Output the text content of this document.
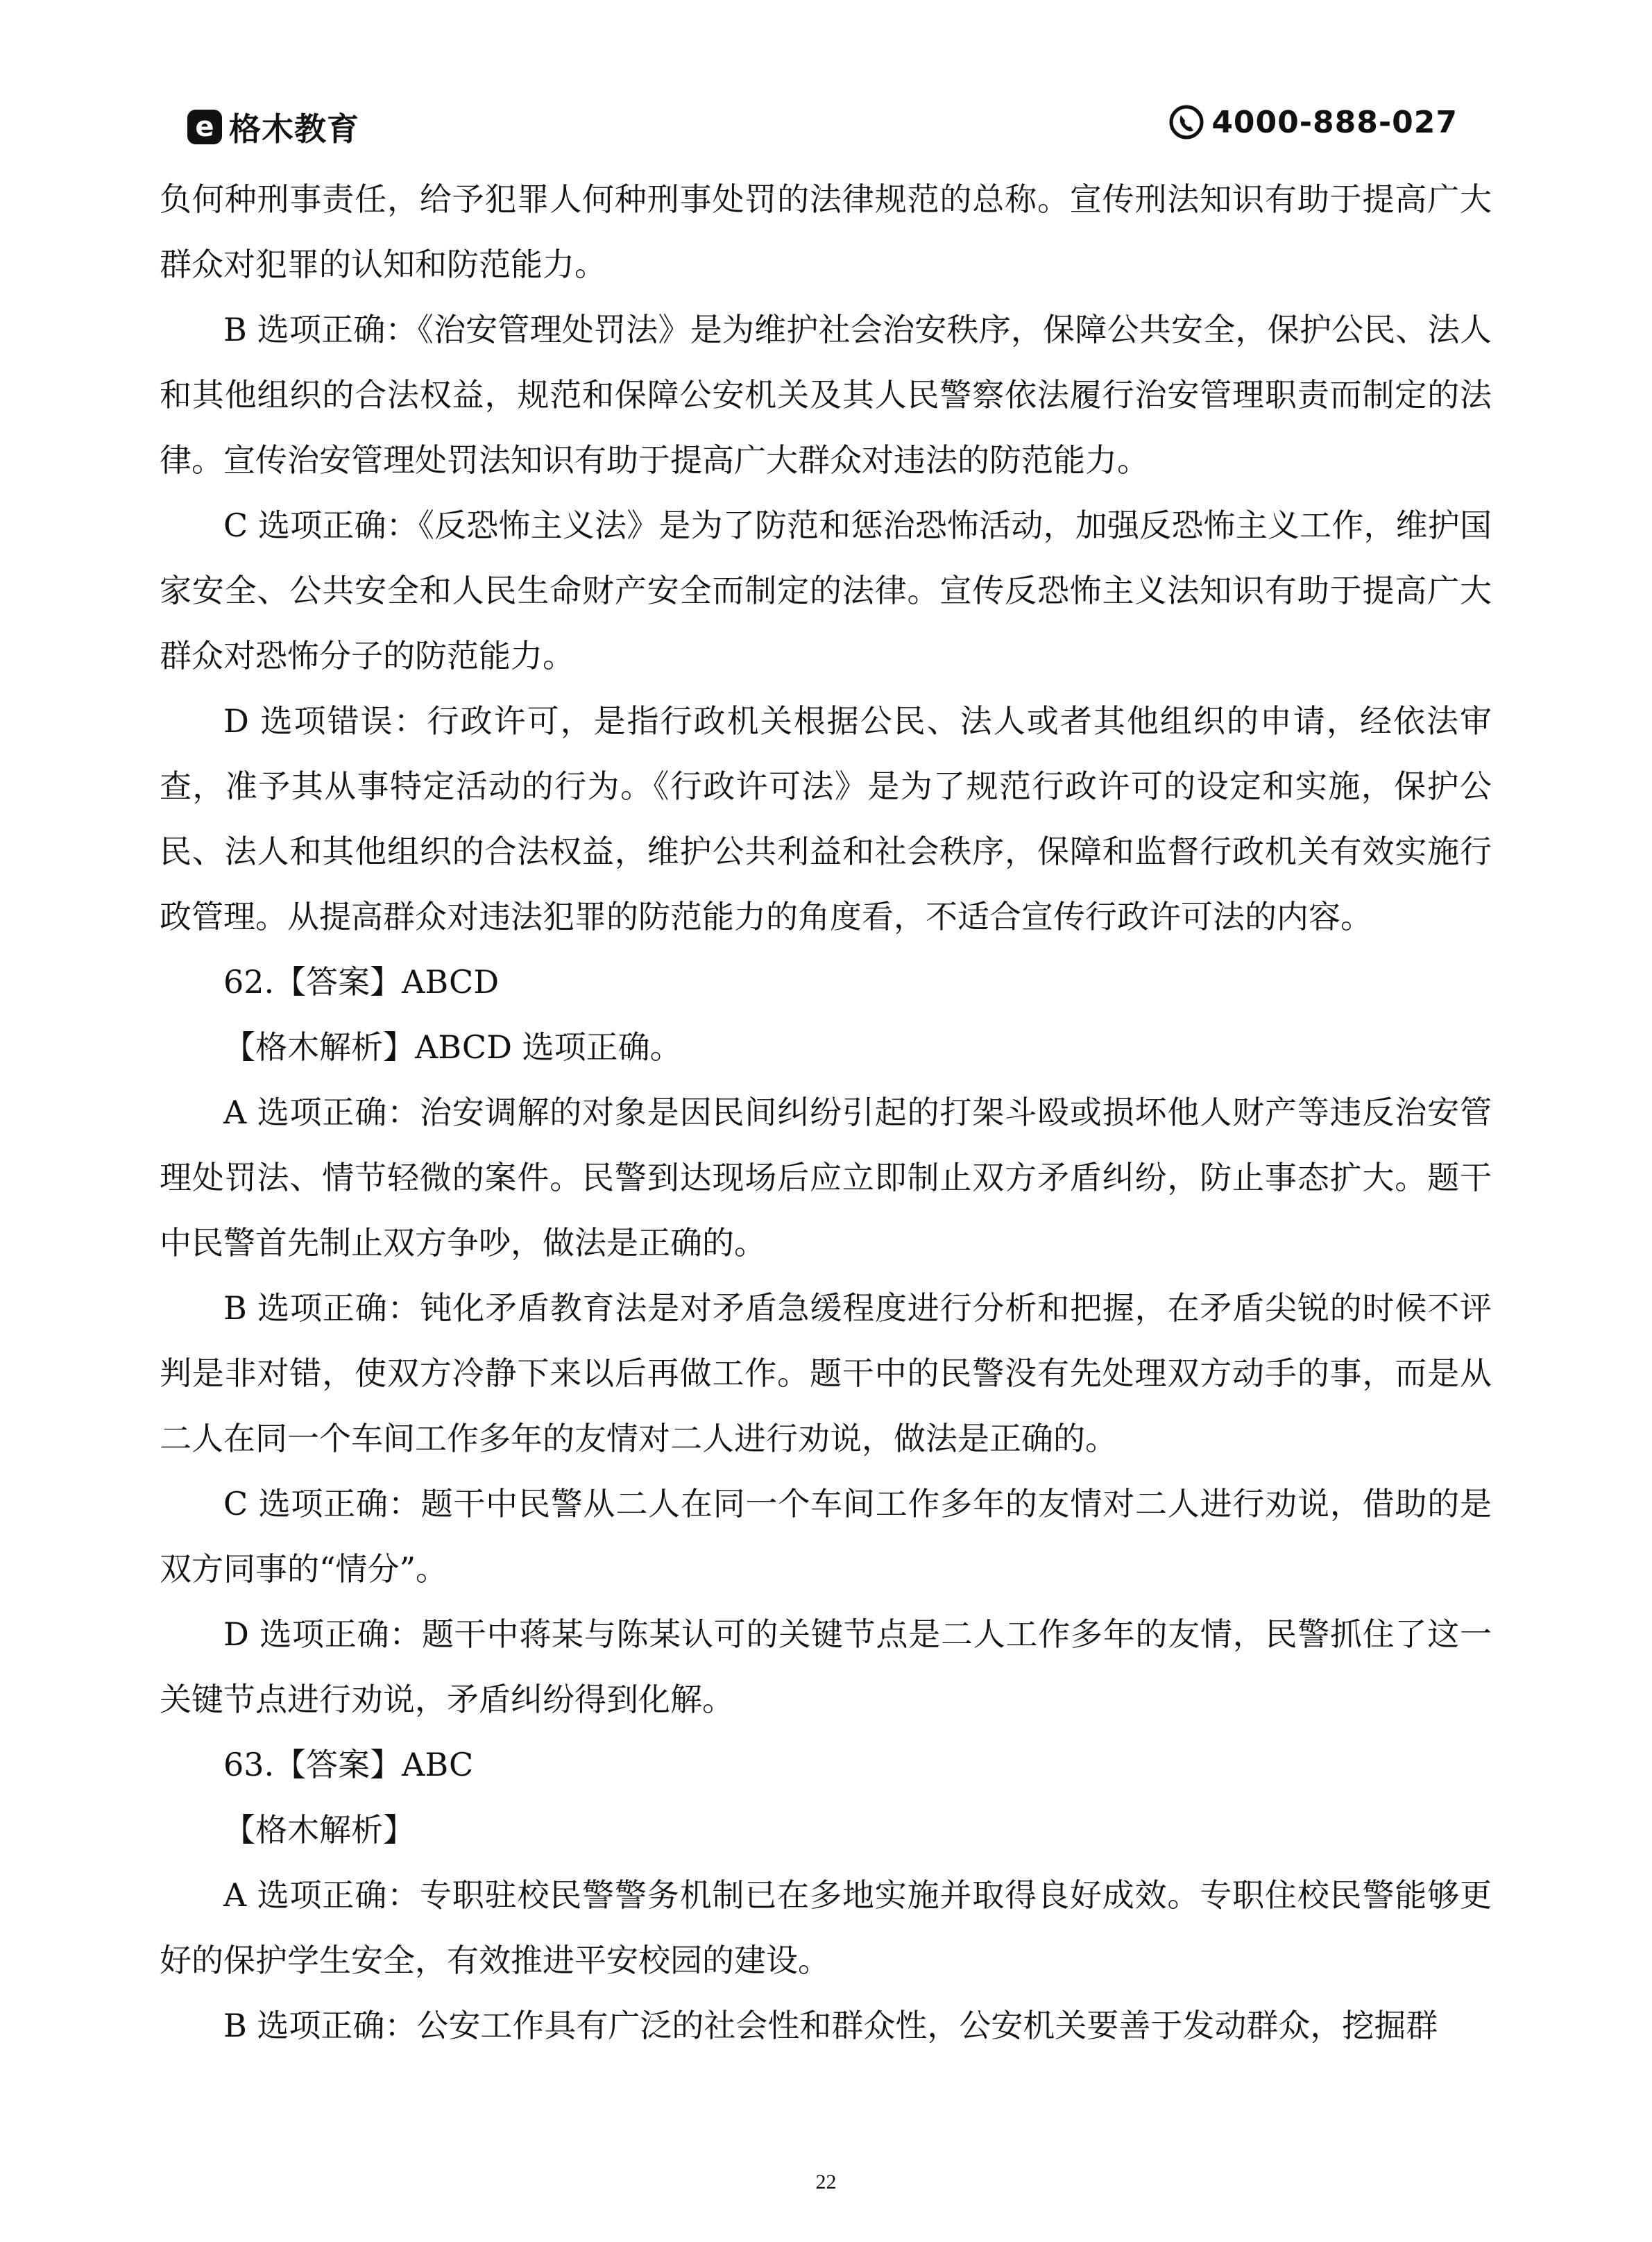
e 格木教育	4000-888-027

负何种刑事责任，给予犯罪人何种刑事处罚的法律规范的总称。宣传刑法知识有助于提高广大群众对犯罪的认知和防范能力。

B 选项正确：《治安管理处罚法》是为维护社会治安秩序，保障公共安全，保护公民、法人和其他组织的合法权益，规范和保障公安机关及其人民警察依法履行治安管理职责而制定的法律。宣传治安管理处罚法知识有助于提高广大群众对违法的防范能力。

C 选项正确：《反恐怖主义法》是为了防范和惩治恐怖活动，加强反恐怖主义工作，维护国家安全、公共安全和人民生命财产安全而制定的法律。宣传反恐怖主义法知识有助于提高广大群众对恐怖分子的防范能力。

D 选项错误：行政许可，是指行政机关根据公民、法人或者其他组织的申请，经依法审查，准予其从事特定活动的行为。《行政许可法》是为了规范行政许可的设定和实施，保护公民、法人和其他组织的合法权益，维护公共利益和社会秩序，保障和监督行政机关有效实施行政管理。从提高群众对违法犯罪的防范能力的角度看，不适合宣传行政许可法的内容。

62.【答案】ABCD

【格木解析】ABCD 选项正确。

A 选项正确：治安调解的对象是因民间纠纷引起的打架斗殴或损坏他人财产等违反治安管理处罚法、情节轻微的案件。民警到达现场后应立即制止双方矛盾纠纷，防止事态扩大。题干中民警首先制止双方争吵，做法是正确的。

B 选项正确：钝化矛盾教育法是对矛盾急缓程度进行分析和把握，在矛盾尖锐的时候不评判是非对错，使双方冷静下来以后再做工作。题干中的民警没有先处理双方动手的事，而是从二人在同一个车间工作多年的友情对二人进行劝说，做法是正确的。

C 选项正确：题干中民警从二人在同一个车间工作多年的友情对二人进行劝说，借助的是双方同事的“情分”。

D 选项正确：题干中蒋某与陈某认可的关键节点是二人工作多年的友情，民警抓住了这一关键节点进行劝说，矛盾纠纷得到化解。

63.【答案】ABC

【格木解析】

A 选项正确：专职驻校民警警务机制已在多地实施并取得良好成效。专职住校民警能够更好的保护学生安全，有效推进平安校园的建设。

B 选项正确：公安工作具有广泛的社会性和群众性，公安机关要善于发动群众，挖掘群

22
